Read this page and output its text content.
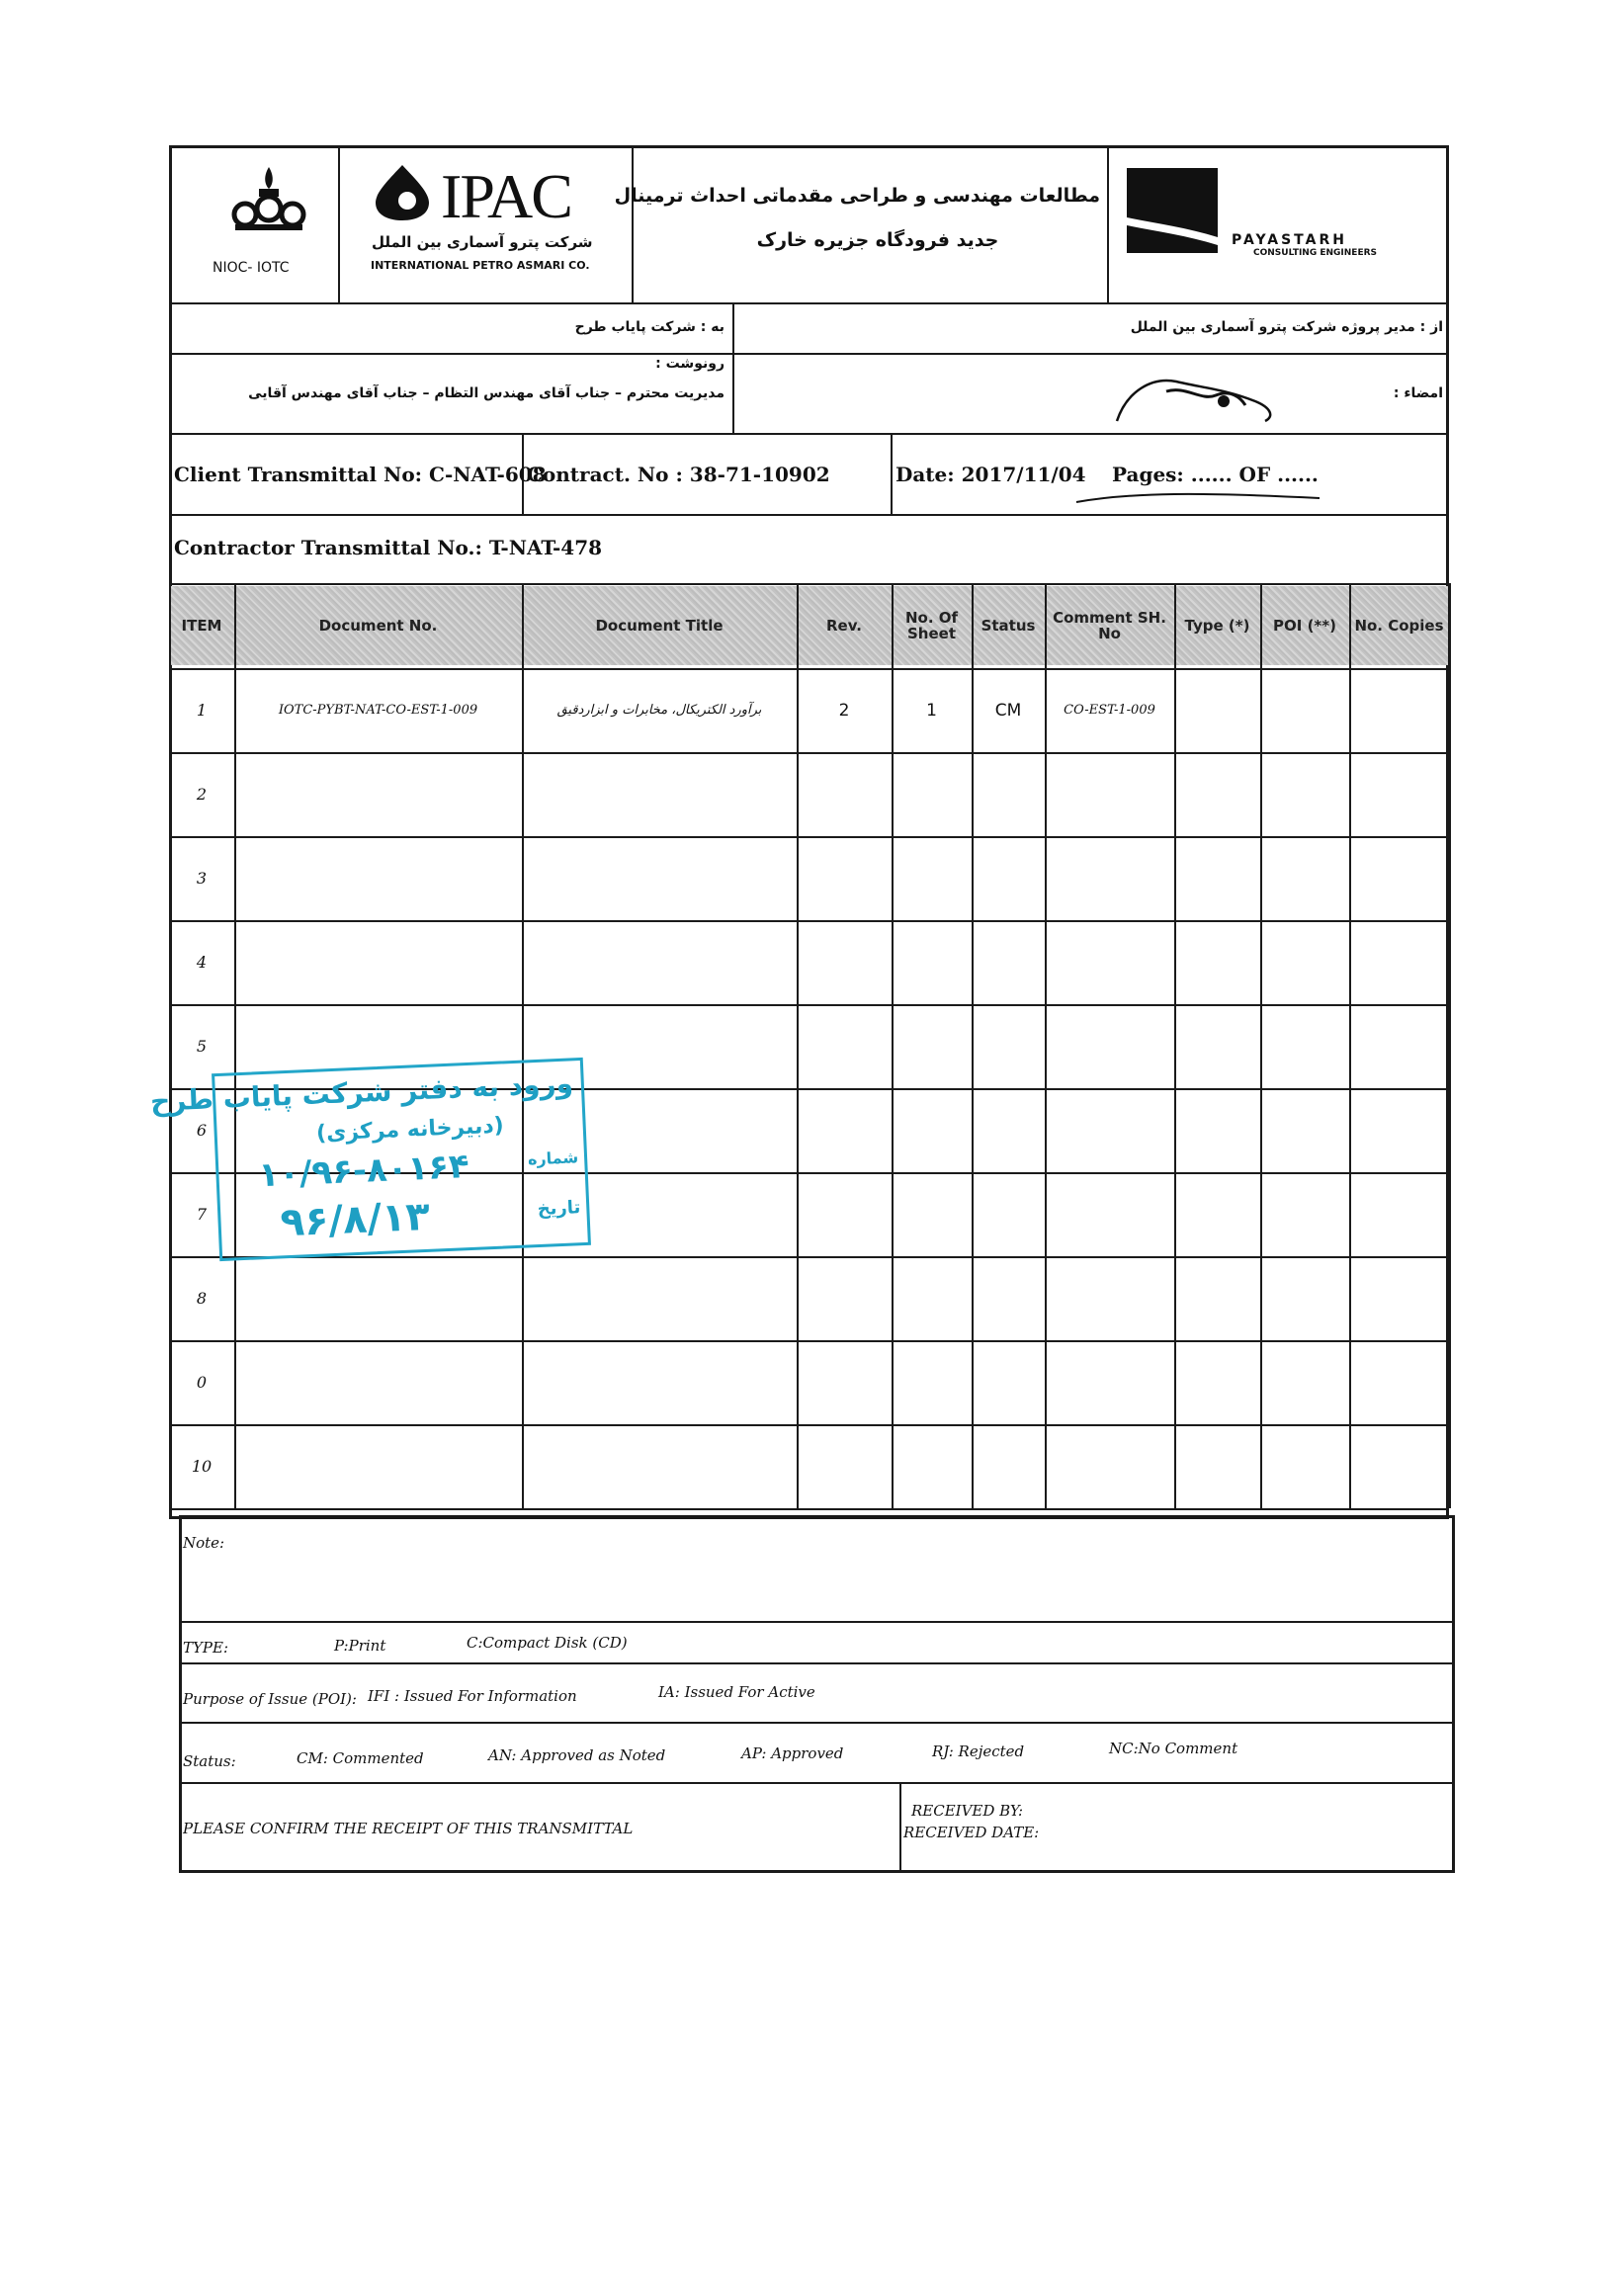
NIOC- IOTC
IPAC
شرکت پترو آسماری بین الملل
INTERNATIONAL PETRO ASMARI CO.
مطالعات مهندسی و طراحی مقدماتی احداث ترمینال
جدید فرودگاه جزیره خارک	PAYASTARH
CONSULTING ENGINEERS
به : شرکت پایاب طرح	از : مدیر پروژه شرکت پترو آسماری بین الملل
رونوشت :
مدیریت محترم – جناب آقای مهندس التظام – جناب آقای مهندس آقایی	امضاء :
Client Transmittal No: C-NAT-608
Contract. No : 38-71-10902	Date: 2017/11/04 Pages: ...... OF ......
Contractor Transmittal No.: T-NAT-478
ITEM	Document No.	Document Title	Rev.	No. Of Sheet	Status	Comment SH. No	Type (*)	POI (**)	No. Copies
1	IOTC-PYBT-NAT-CO-EST-1-009	برآورد الکتریکال، مخابرات و ابزاردقیق	2	1	CM	CO-EST-1-009
2
3
4
5
6
7
8
0
10
Note:
TYPE:	P:Print	C:Compact Disk (CD)
Purpose of Issue (POI): IFI : Issued For Information	IA: Issued For Active
Status:	CM: Commented	AN: Approved as Noted	AP: Approved	RJ: Rejected	NC:No Comment
PLEASE CONFIRM THE RECEIPT OF THIS TRANSMITTAL
RECEIVED BY:
RECEIVED DATE:
ورود به دفتر شرکت پایاب طرح
(دبیرخانه مرکزی)
شماره
۱۰/۹۶-۸۰۱۶۴
تاریخ
۹۶/۸/۱۳
